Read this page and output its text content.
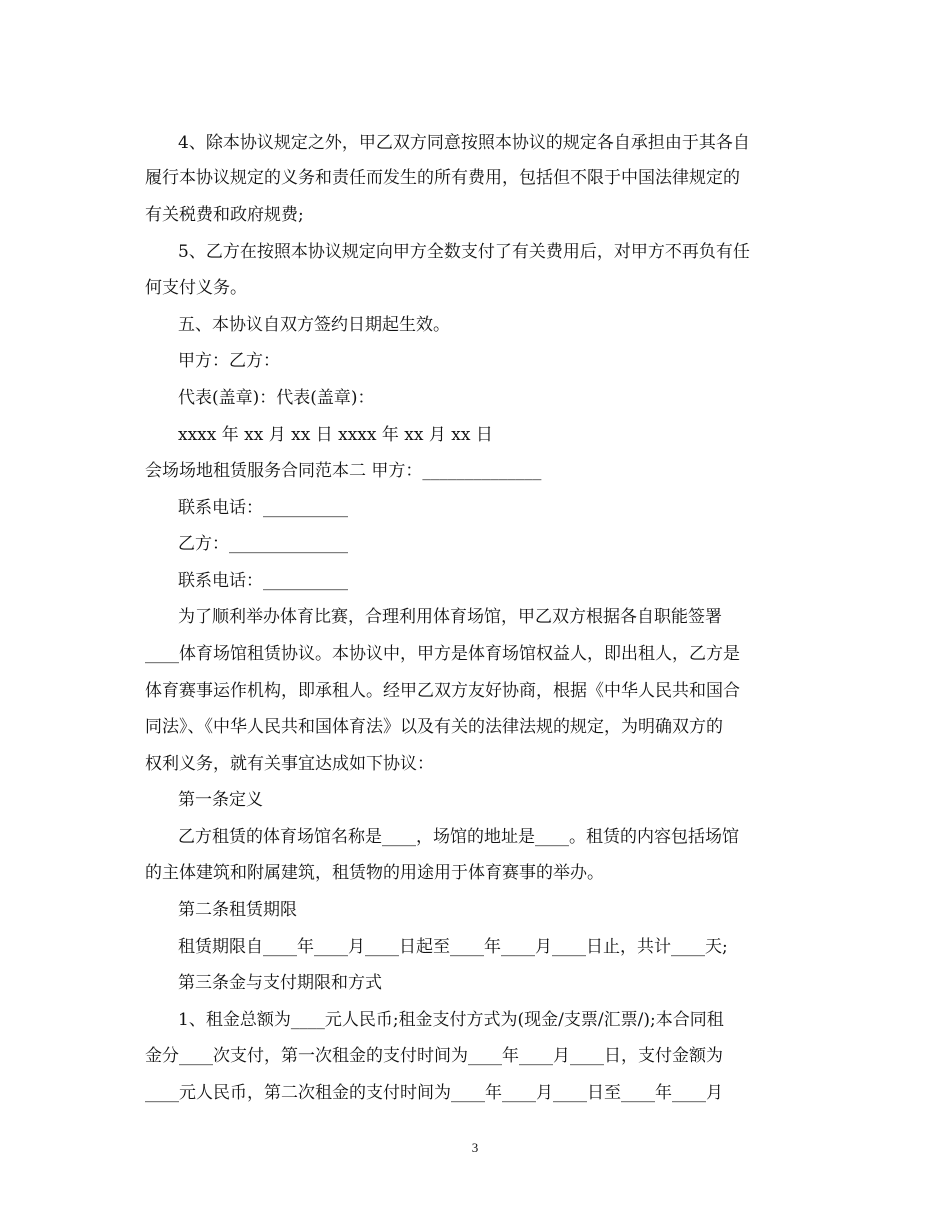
4、除本协议规定之外，甲乙双方同意按照本协议的规定各自承担由于其各自
履行本协议规定的义务和责任而发生的所有费用，包括但不限于中国法律规定的
有关税费和政府规费;
5、乙方在按照本协议规定向甲方全数支付了有关费用后，对甲方不再负有任
何支付义务。
五、本协议自双方签约日期起生效。
甲方：乙方：
代表(盖章)：代表(盖章)：
xxxx 年 xx 月 xx 日 xxxx 年 xx 月 xx 日
会场场地租赁服务合同范本二 甲方：______________
联系电话：__________
乙方：______________
联系电话：__________
为了顺利举办体育比赛，合理利用体育场馆，甲乙双方根据各自职能签署
____体育场馆租赁协议。本协议中，甲方是体育场馆权益人，即出租人，乙方是
体育赛事运作机构，即承租人。经甲乙双方友好协商，根据《中华人民共和国合
同法》、《中华人民共和国体育法》以及有关的法律法规的规定，为明确双方的
权利义务，就有关事宜达成如下协议：
第一条定义
乙方租赁的体育场馆名称是____，场馆的地址是____。租赁的内容包括场馆
的主体建筑和附属建筑，租赁物的用途用于体育赛事的举办。
第二条租赁期限
租赁期限自____年____月____日起至____年____月____日止，共计____天;
第三条金与支付期限和方式
1、租金总额为____元人民币;租金支付方式为(现金/支票/汇票/);本合同租
金分____次支付，第一次租金的支付时间为____年____月____日，支付金额为
____元人民币，第二次租金的支付时间为____年____月____日至____年____月
3
